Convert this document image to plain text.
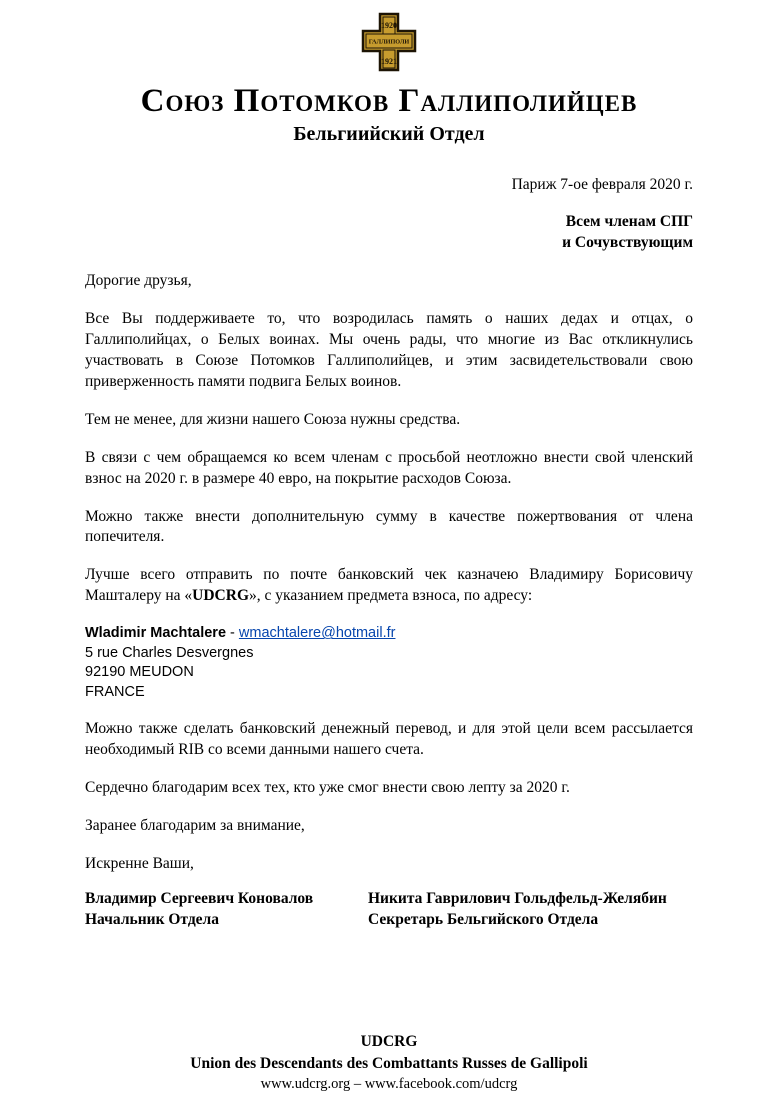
1920
ГАЛЛИПОЛИ
1921
Союз Потомков Галлиполийцев
Бельгиийский Отдел
Париж 7-ое февраля 2020 г.
Всем членам СПГ
и Сочувствующим

Дорогие друзья,

Все Вы поддерживаете то, что возродилась память о наших дедах и отцах, о Галлиполийцах, о Белых воинах. Мы очень рады, что многие из Вас откликнулись участвовать в Союзе Потомков Галлиполийцев, и этим засвидетельствовали свою приверженность памяти подвига Белых воинов.

Тем не менее, для жизни нашего Союза нужны средства.

В связи с чем обращаемся ко всем членам с просьбой неотложно внести свой членский взнос на 2020 г. в размере 40 евро, на покрытие расходов Союза.

Можно также внести дополнительную сумму в качестве пожертвования от члена попечителя.

Лучше всего отправить по почте банковский чек казначею Владимиру Борисовичу Машталеру на «UDCRG», с указанием предмета взноса, по адресу:

Wladimir Machtalere - wmachtalere@hotmail.fr
5 rue Charles Desvergnes
92190 MEUDON
FRANCE

Можно также сделать банковский денежный перевод, и для этой цели всем рассылается необходимый RIB со всеми данными нашего счета.

Сердечно благодарим всех тех, кто уже смог внести свою лепту за 2020 г.

Заранее благодарим за внимание,

Искренне Ваши,

Владимир Сергеевич Коновалов
Начальник Отдела
Никита Гаврилович Гольдфельд-Желябин
Секретарь Бельгийского Отдела
UDCRG
Union des Descendants des Combattants Russes de Gallipoli
www.udcrg.org – www.facebook.com/udcrg
